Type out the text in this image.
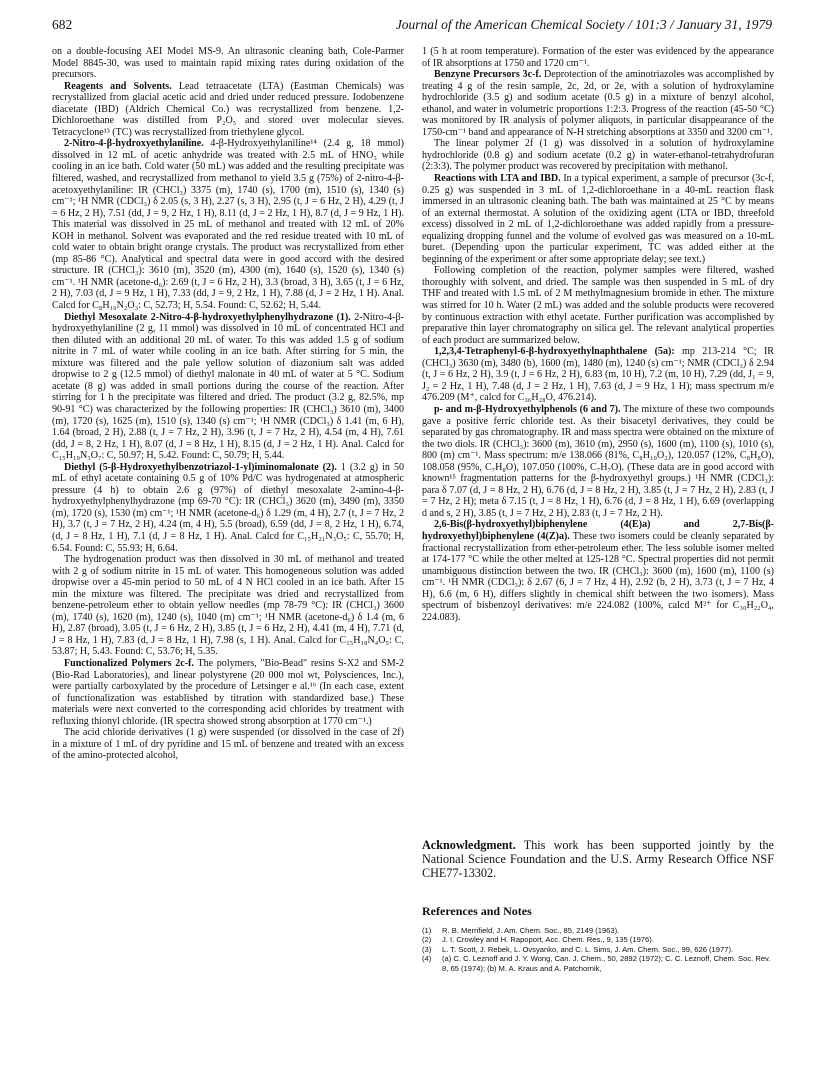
682	Journal of the American Chemical Society / 101:3 / January 31, 1979

on a double-focusing AEI Model MS-9. An ultrasonic cleaning bath, Cole-Parmer Model 8845-30, was used to maintain rapid mixing rates during oxidation of the precursors.

Reagents and Solvents. Lead tetraacetate (LTA) (Eastman Chemicals) was recrystallized from glacial acetic acid and dried under reduced pressure. Iodobenzene diacetate (IBD) (Aldrich Chemical Co.) was recrystallized from benzene. 1,2-Dichloroethane was distilled from P₂O₅ and stored over molecular sieves. Tetracyclone¹³ (TC) was recrystallized from triethylene glycol.

2-Nitro-4-β-hydroxyethylaniline. 4-β-Hydroxyethylaniline¹⁴ (2.4 g, 18 mmol) dissolved in 12 mL of acetic anhydride was treated with 2.5 mL of HNO₃ while cooling in an ice bath. Cold water (50 mL) was added and the resulting precipitate was filtered, washed, and recrystallized from methanol to yield 3.5 g (75%) of 2-nitro-4-β-acetoxyethylaniline: IR (CHCl₃) 3375 (m), 1740 (s), 1700 (m), 1510 (s), 1340 (s) cm⁻¹; ¹H NMR (CDCl₃) δ 2.05 (s, 3 H), 2.27 (s, 3 H), 2.95 (t, J = 6 Hz, 2 H), 4.29 (t, J = 6 Hz, 2 H), 7.51 (dd, J = 9, 2 Hz, 1 H), 8.11 (d, J = 2 Hz, 1 H), 8.7 (d, J = 9 Hz, 1 H). This material was dissolved in 25 mL of methanol and treated with 12 mL of 20% KOH in methanol. Solvent was evaporated and the red residue treated with 10 mL of cold water to obtain bright orange crystals. The product was recrystallized from ether (mp 85-86 °C). Analytical and spectral data were in good accord with the desired structure. IR (CHCl₃): 3610 (m), 3520 (m), 4300 (m), 1640 (s), 1520 (s), 1340 (s) cm⁻¹. ¹H NMR (acetone-d₆): 2.69 (t, J = 6 Hz, 2 H), 3.3 (broad, 3 H), 3.65 (t, J = 6 Hz, 2 H), 7.03 (d, J = 9 Hz, 1 H), 7.33 (dd, J = 9, 2 Hz, 1 H), 7.88 (d, J = 2 Hz, 1 H). Anal. Calcd for C₈H₁₀N₂O₃: C, 52.73; H, 5.54. Found: C, 52.62; H, 5.44.

Diethyl Mesoxalate 2-Nitro-4-β-hydroxyethylphenylhydrazone (1). 2-Nitro-4-β-hydroxyethylaniline (2 g, 11 mmol) was dissolved in 10 mL of concentrated HCl and then diluted with an additional 20 mL of water. To this was added 1.5 g of sodium nitrite in 7 mL of water while cooling in an ice bath. After stirring for 5 min, the mixture was filtered and the pale yellow solution of diazonium salt was added dropwise to 2 g (12.5 mmol) of diethyl malonate in 40 mL of water at 5 °C. Sodium acetate (8 g) was added in small portions during the course of the reaction. After stirring for 1 h the precipitate was filtered and dried. The product (3.2 g, 82.5%, mp 90-91 °C) was characterized by the following properties: IR (CHCl₃) 3610 (m), 3400 (m), 1720 (s), 1625 (m), 1510 (s), 1340 (s) cm⁻¹; ¹H NMR (CDCl₃) δ 1.41 (m, 6 H), 1.64 (broad, 2 H), 2.88 (t, J = 7 Hz, 2 H), 3.96 (t, J = 7 Hz, 2 H), 4.54 (m, 4 H), 7.61 (dd, J = 8, 2 Hz, 1 H), 8.07 (d, J = 8 Hz, 1 H), 8.15 (d, J = 2 Hz, 1 H). Anal. Calcd for C₁₅H₁₉N₃O₇: C, 50.97; H, 5.42. Found: C, 50.79; H, 5.44.

Diethyl (5-β-Hydroxyethylbenzotriazol-1-yl)iminomalonate (2). 1 (3.2 g) in 50 mL of ethyl acetate containing 0.5 g of 10% Pd/C was hydrogenated at atmospheric pressure (4 h) to obtain 2.6 g (97%) of diethyl mesoxalate 2-amino-4-β-hydroxyethylphenylhydrazone (mp 69-70 °C): IR (CHCl₃) 3620 (m), 3490 (m), 3350 (m), 1720 (s), 1530 (m) cm⁻¹; ¹H NMR (acetone-d₆) δ 1.29 (m, 4 H), 2.7 (t, J = 7 Hz, 2 H), 3.7 (t, J = 7 Hz, 2 H), 4.24 (m, 4 H), 5.5 (broad), 6.59 (dd, J = 8, 2 Hz, 1 H), 6.74, (d, J = 8 Hz, 1 H), 7.1 (d, J = 8 Hz, 1 H). Anal. Calcd for C₁₅H₂₁N₃O₅: C, 55.70; H, 6.54. Found: C, 55.93; H, 6.64.

The hydrogenation product was then dissolved in 30 mL of methanol and treated with 2 g of sodium nitrite in 15 mL of water. This homogeneous solution was added dropwise over a 45-min period to 50 mL of 4 N HCl cooled in an ice bath. After 15 min the mixture was filtered. The precipitate was dried and recrystallized from benzene-petroleum ether to obtain yellow needles (mp 78-79 °C): IR (CHCl₃) 3600 (m), 1740 (s), 1620 (m), 1240 (s), 1040 (m) cm⁻¹; ¹H NMR (acetone-d₆) δ 1.4 (m, 6 H), 2.87 (broad), 3.05 (t, J = 6 Hz, 2 H), 3.85 (t, J = 6 Hz, 2 H), 4.41 (m, 4 H), 7.71 (d, J = 8 Hz, 1 H), 7.83 (d, J = 8 Hz, 1 H), 7.98 (s, 1 H). Anal. Calcd for C₁₅H₁₈N₄O₅: C, 53.87; H, 5.43. Found: C, 53.76; H, 5.35.

Functionalized Polymers 2c-f. The polymers, "Bio-Bead" resins S-X2 and SM-2 (Bio-Rad Laboratories), and linear polystyrene (20 000 mol wt, Polysciences, Inc.), were partially carboxylated by the procedure of Letsinger e al.¹⁶ (In each case, extent of functionalization was established by titration with standardized base.) These materials were next converted to the corresponding acid chlorides by treatment with refluxing thionyl chloride. (IR spectra showed strong absorption at 1770 cm⁻¹.)

The acid chloride derivatives (1 g) were suspended (or dissolved in the case of 2f) in a mixture of 1 mL of dry pyridine and 15 mL of benzene and treated with an excess of the amino-protected alcohol,

1 (5 h at room temperature). Formation of the ester was evidenced by the appearance of IR absorptions at 1750 and 1720 cm⁻¹.

Benzyne Precursors 3c-f. Deprotection of the aminotriazoles was accomplished by treating 4 g of the resin sample, 2c, 2d, or 2e, with a solution of hydroxylamine hydrochloride (3.5 g) and sodium acetate (0.5 g) in a mixture of benzyl alcohol, ethanol, and water in volumetric proportions 1:2:3. Progress of the reaction (45-50 °C) was monitored by IR analysis of polymer aliquots, in particular disappearance of the 1750-cm⁻¹ band and appearance of N-H stretching absorptions at 3350 and 3200 cm⁻¹.

The linear polymer 2f (1 g) was dissolved in a solution of hydroxylamine hydrochloride (0.8 g) and sodium acetate (0.2 g) in water-ethanol-tetrahydrofuran (2:3:3). The polymer product was recovered by precipitation with methanol.

Reactions with LTA and IBD. In a typical experiment, a sample of precursor (3c-f, 0.25 g) was suspended in 3 mL of 1,2-dichloroethane in a 40-mL reaction flask immersed in an ultrasonic cleaning bath. The bath was maintained at 25 °C by means of an external thermostat. A solution of the oxidizing agent (LTA or IBD, threefold excess) dissolved in 2 mL of 1,2-dichloroethane was added rapidly from a pressure-equalizing dropping funnel and the volume of evolved gas was measured on a 10-mL buret. (Depending upon the particular experiment, TC was added either at the beginning of the experiment or after some appropriate delay; see text.)

Following completion of the reaction, polymer samples were filtered, washed thoroughly with solvent, and dried. The sample was then suspended in 5 mL of dry THF and treated with 1.5 mL of 2 M methylmagnesium bromide in ether. The mixture was stirred for 10 h. Water (2 mL) was added and the soluble products were recovered by continuous extraction with ethyl acetate. Further purification was accomplished by preparative thin layer chromatography on silica gel. The relevant analytical properties of each product are summarized below.

1,2,3,4-Tetraphenyl-6-β-hydroxyethylnaphthalene (5a): mp 213-214 °C; IR (CHCl₃) 3630 (m), 3480 (b), 1600 (m), 1480 (m), 1240 (s) cm⁻¹; NMR (CDCl₃) δ 2.94 (t, J = 6 Hz, 2 H), 3.9 (t, J = 6 Hz, 2 H), 6.83 (m, 10 H), 7.2 (m, 10 H), 7.29 (dd, J₁ = 9, J₂ = 2 Hz, 1 H), 7.48 (d, J = 2 Hz, 1 H), 7.63 (d, J = 9 Hz, 1 H); mass spectrum m/e 476.209 (M⁺, calcd for C₃₆H₂₈O, 476.214).

p- and m-β-Hydroxyethylphenols (6 and 7). The mixture of these two compounds gave a positive ferric chloride test. As their bisacetyl derivatives, they could be separated by gas chromatography. IR and mass spectra were obtained on the mixture of the two diols. IR (CHCl₃): 3600 (m), 3610 (m), 2950 (s), 1600 (m), 1100 (s), 1010 (s), 800 (m) cm⁻¹. Mass spectrum: m/e 138.066 (81%, C₈H₁₀O₂), 120.057 (12%, C₈H₈O), 108.058 (95%, C₇H₈O), 107.050 (100%, C₇H₇O). (These data are in good accord with known¹⁵ fragmentation patterns for the β-hydroxyethyl groups.) ¹H NMR (CDCl₃): para δ 7.07 (d, J = 8 Hz, 2 H), 6.76 (d, J = 8 Hz, 2 H), 3.85 (t, J = 7 Hz, 2 H), 2.83 (t, J = 7 Hz, 2 H); meta δ 7.15 (t, J = 8 Hz, 1 H), 6.76 (d, J = 8 Hz, 1 H), 6.69 (overlapping d and s, 2 H), 3.85 (t, J = 7 Hz, 2 H), 2.83 (t, J = 7 Hz, 2 H).

2,6-Bis(β-hydroxyethyl)biphenylene (4(E)a) and 2,7-Bis(β-hydroxyethyl)biphenylene (4(Z)a). These two isomers could be cleanly separated by fractional recrystallization from ether-petroleum ether. The less soluble isomer melted at 174-177 °C while the other melted at 125-128 °C. Spectral properties did not permit unambiguous distinction between the two. IR (CHCl₃): 3600 (m), 1600 (m), 1100 (s) cm⁻¹. ¹H NMR (CDCl₃): δ 2.67 (6, J = 7 Hz, 4 H), 2.92 (b, 2 H), 3.73 (t, J = 7 Hz, 4 H), 6.6 (m, 6 H), differs slightly in chemical shift between the two isomers). Mass spectrum of bisbenzoyl derivatives: m/e 224.082 (100%, calcd M²⁺ for C₃₀H₂₂O₄, 224.083).

Acknowledgment. This work has been supported jointly by the National Science Foundation and the U.S. Army Research Office NSF CHE77-13302.
References and Notes
(1) R. B. Merrifield, J. Am. Chem. Soc., 85, 2149 (1963).
(2) J. I. Crowley and H. Rapoport, Acc. Chem. Res., 9, 135 (1976).
(3) L. T. Scott, J. Rebek, L. Ovsyanko, and C. L. Sims, J. Am. Chem. Soc., 99, 626 (1977).
(4) (a) C. C. Leznoff and J. Y. Wong, Can. J. Chem., 50, 2892 (1972); C. C. Leznoff, Chem. Soc. Rev. 8, 65 (1974); (b) M. A. Kraus and A. Patchornik,
